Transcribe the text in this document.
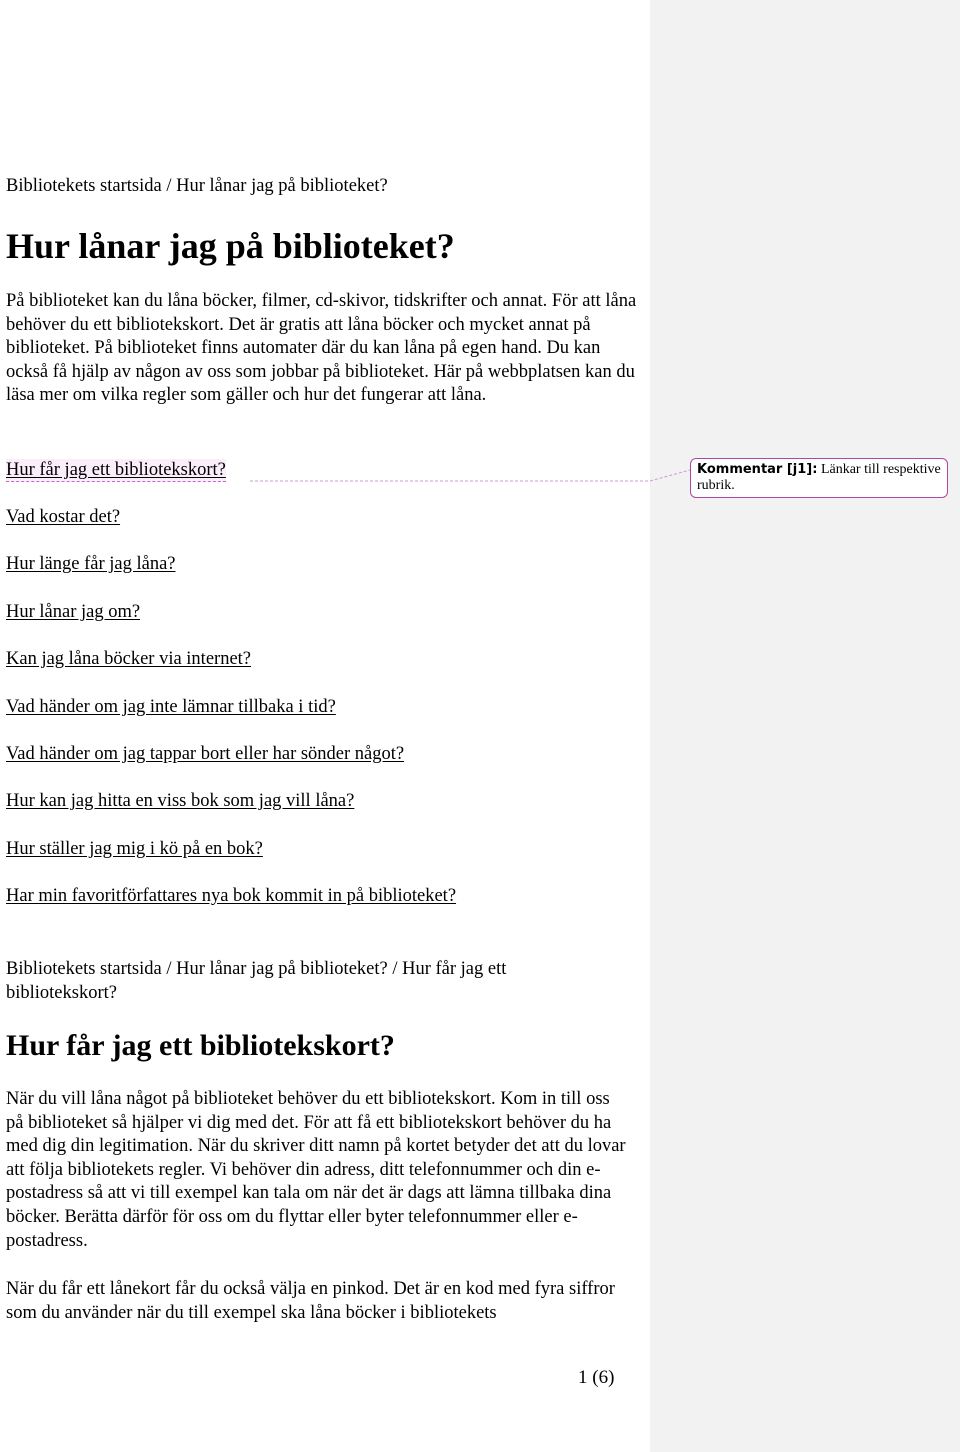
Bibliotekets startsida / Hur lånar jag på biblioteket?
Hur lånar jag på biblioteket?

På biblioteket kan du låna böcker, filmer, cd-skivor, tidskrifter och annat. För att låna behöver du ett bibliotekskort. Det är gratis att låna böcker och mycket annat på biblioteket. På biblioteket finns automater där du kan låna på egen hand. Du kan också få hjälp av någon av oss som jobbar på biblioteket. Här på webbplatsen kan du läsa mer om vilka regler som gäller och hur det fungerar att låna.

Hur får jag ett bibliotekskort?
Vad kostar det?
Hur länge får jag låna?
Hur lånar jag om?
Kan jag låna böcker via internet?
Vad händer om jag inte lämnar tillbaka i tid?
Vad händer om jag tappar bort eller har sönder något?
Hur kan jag hitta en viss bok som jag vill låna?
Hur ställer jag mig i kö på en bok?
Har min favoritförfattares nya bok kommit in på biblioteket?
Kommentar [j1]: Länkar till respektive rubrik.
Bibliotekets startsida / Hur lånar jag på biblioteket? / Hur får jag ett bibliotekskort?
Hur får jag ett bibliotekskort?

När du vill låna något på biblioteket behöver du ett bibliotekskort. Kom in till oss på biblioteket så hjälper vi dig med det. För att få ett bibliotekskort behöver du ha med dig din legitimation. När du skriver ditt namn på kortet betyder det att du lovar att följa bibliotekets regler. Vi behöver din adress, ditt telefonnummer och din e-postadress så att vi till exempel kan tala om när det är dags att lämna tillbaka dina böcker. Berätta därför för oss om du flyttar eller byter telefonnummer eller e-postadress.

När du får ett lånekort får du också välja en pinkod. Det är en kod med fyra siffror som du använder när du till exempel ska låna böcker i bibliotekets

1 (6)
